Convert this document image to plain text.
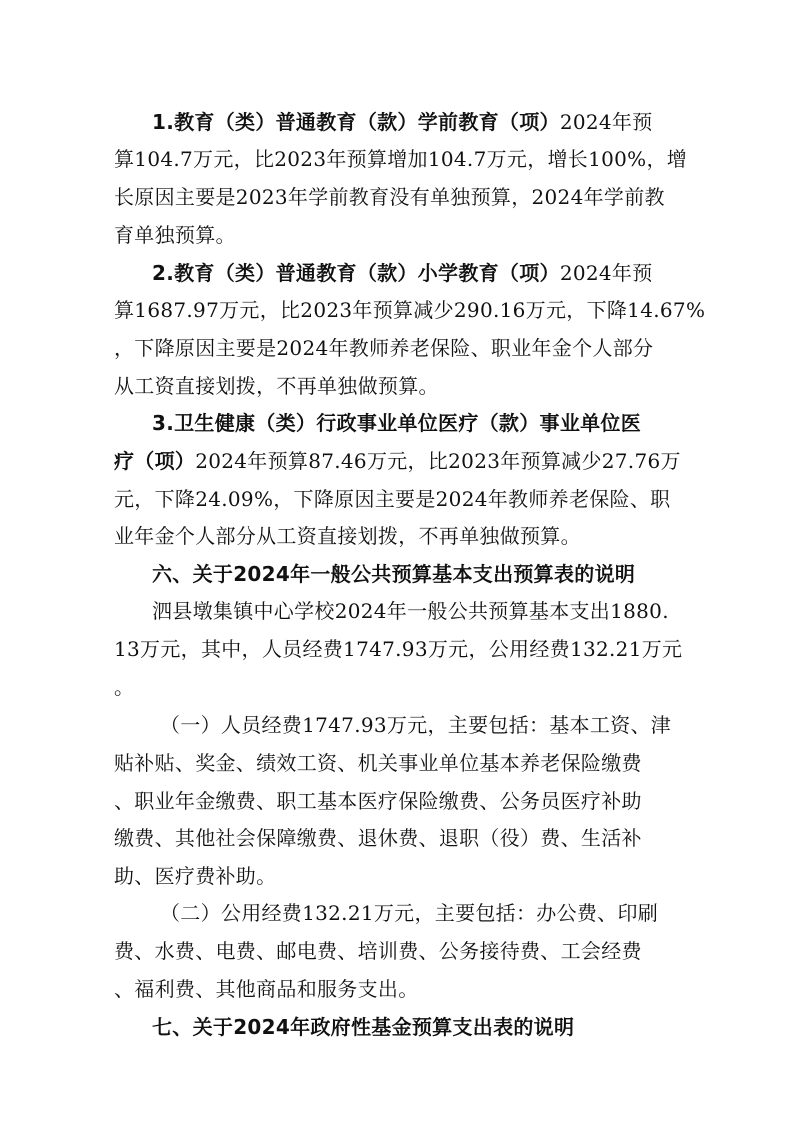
1.教育（类）普通教育（款）学前教育（项）2024年预
算104.7万元，比2023年预算增加104.7万元，增长100%，增
长原因主要是2023年学前教育没有单独预算，2024年学前教
育单独预算。
2.教育（类）普通教育（款）小学教育（项）2024年预
算1687.97万元，比2023年预算减少290.16万元，下降14.67%
，下降原因主要是2024年教师养老保险、职业年金个人部分
从工资直接划拨，不再单独做预算。
3.卫生健康（类）行政事业单位医疗（款）事业单位医
疗（项）2024年预算87.46万元，比2023年预算减少27.76万
元，下降24.09%，下降原因主要是2024年教师养老保险、职
业年金个人部分从工资直接划拨，不再单独做预算。
六、关于2024年一般公共预算基本支出预算表的说明
泗县墩集镇中心学校2024年一般公共预算基本支出1880.
13万元，其中，人员经费1747.93万元，公用经费132.21万元
。
（一）人员经费1747.93万元，主要包括：基本工资、津
贴补贴、奖金、绩效工资、机关事业单位基本养老保险缴费
、职业年金缴费、职工基本医疗保险缴费、公务员医疗补助
缴费、其他社会保障缴费、退休费、退职（役）费、生活补
助、医疗费补助。
（二）公用经费132.21万元，主要包括：办公费、印刷
费、水费、电费、邮电费、培训费、公务接待费、工会经费
、福利费、其他商品和服务支出。
七、关于2024年政府性基金预算支出表的说明
